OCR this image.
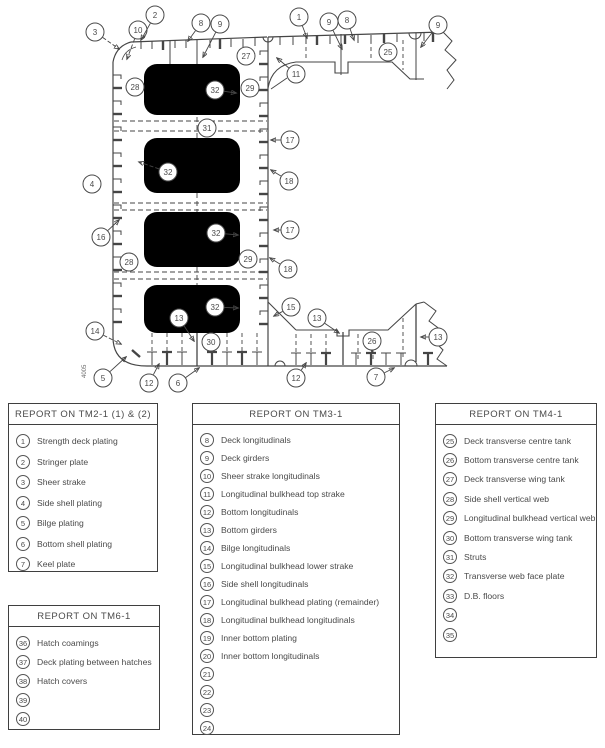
4005
3	10
2
8 9
1
9 8
9
27	25
11
28	29
32
31
17
32
18
4
17
32
16
28	29
18
15
32
13	13
13
14
30	26
5
12	6
12	7
REPORT ON TM2-1 (1) & (2)
1	Strength deck plating
2	Stringer plate
3	Sheer strake
4	Side shell plating
5	Bilge plating
6	Bottom shell plating
7	Keel plate
REPORT ON TM3-1
8	Deck longitudinals
9	Deck girders
10	Sheer strake longitudinals
11	Longitudinal bulkhead top strake
12	Bottom longitudinals
13	Bottom girders
14	Bilge longitudinals
15	Longitudinal bulkhead lower strake
16	Side shell longitudinals
17	Longitudinal bulkhead plating (remainder)
18	Longitudinal bulkhead longitudinals
19	Inner bottom plating
20	Inner bottom longitudinals
21
22
23
24
REPORT ON TM4-1
25	Deck transverse centre tank
26	Bottom transverse centre tank
27	Deck transverse wing tank
28	Side shell vertical web
29	Longitudinal bulkhead vertical web
30	Bottom transverse wing tank
31	Struts
32	Transverse web face plate
33	D.B. floors
34
35
REPORT ON TM6-1
36	Hatch coamings
37	Deck plating between hatches
38	Hatch covers
39
40
